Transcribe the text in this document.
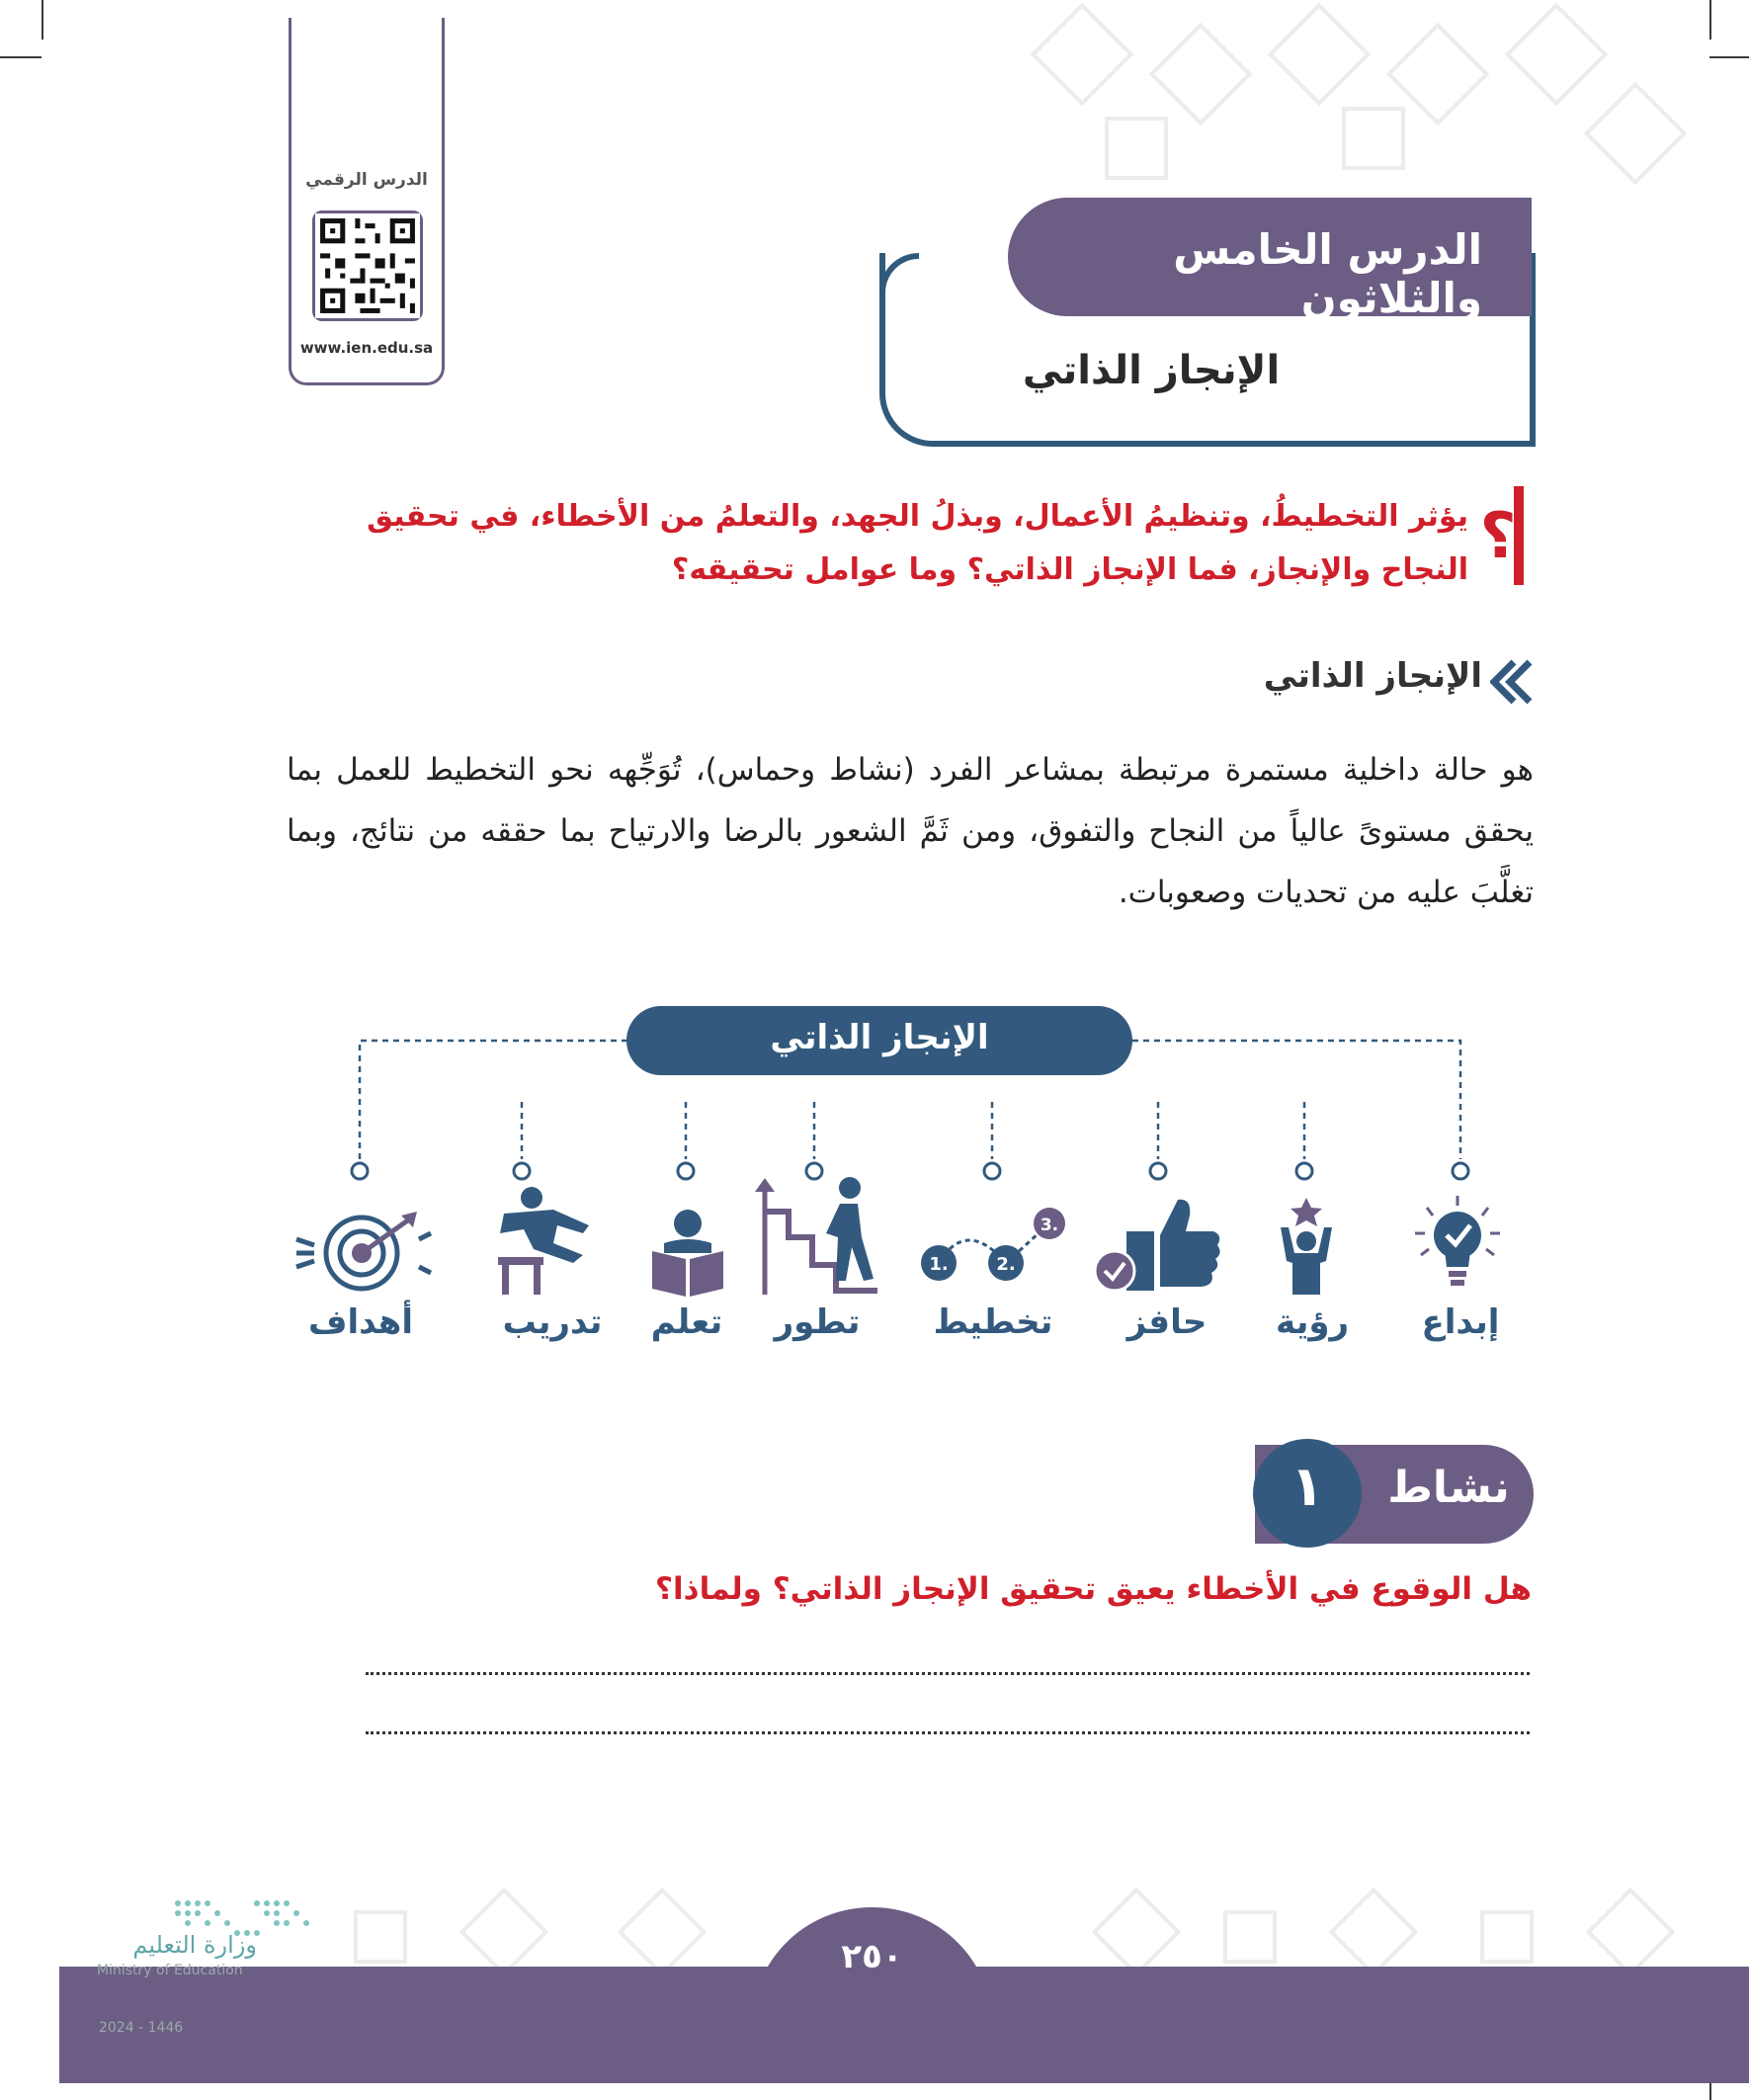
الدرس الرقمي
www.ien.edu.sa
الدرس الخامس والثلاثون
الإنجاز الذاتي
؟
يؤثر التخطيطُ، وتنظيمُ الأعمال، وبذلُ الجهد، والتعلمُ من الأخطاء، في تحقيق النجاح والإنجاز، فما الإنجاز الذاتي؟ وما عوامل تحقيقه؟
الإنجاز الذاتي
هو حالة داخلية مستمرة مرتبطة بمشاعر الفرد (نشاط وحماس)، تُوَجِّهه نحو التخطيط للعمل بما يحقق مستوىً عالياً من النجاح والتفوق، ومن ثَمَّ الشعور بالرضا والارتياح بما حققه من نتائج، وبما تغلَّبَ عليه من تحديات وصعوبات.
1.	2.
3.
الإنجاز الذاتي
إبداع
رؤية
حافز
تخطيط
تطور
تعلم
تدريب
أهداف
١	نشاط
هل الوقوع في الأخطاء يعيق تحقيق الإنجاز الذاتي؟ ولماذا؟
٢٥٠
وزارة التعليم
Ministry of Education
2024 - 1446
